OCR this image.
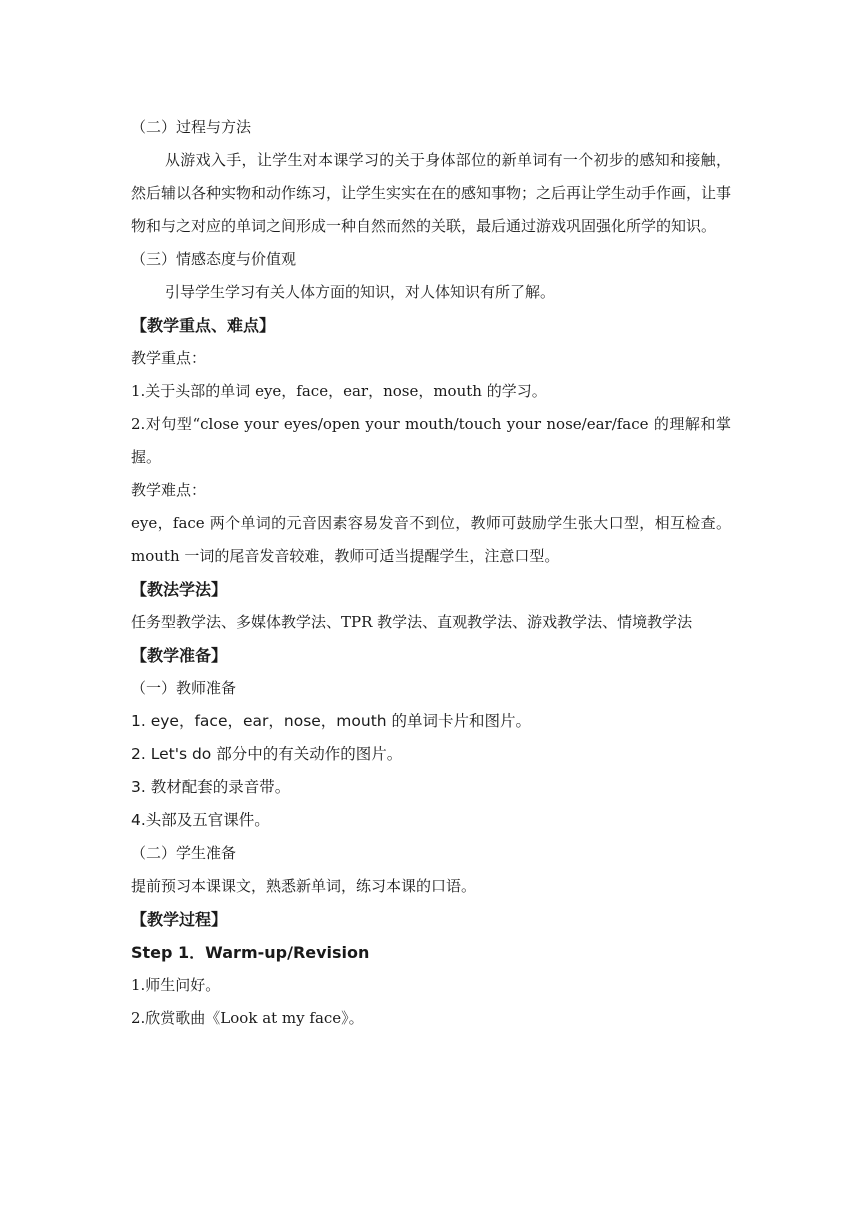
（二）过程与方法

从游戏入手，让学生对本课学习的关于身体部位的新单词有一个初步的感知和接触，然后辅以各种实物和动作练习，让学生实实在在的感知事物；之后再让学生动手作画，让事物和与之对应的单词之间形成一种自然而然的关联，最后通过游戏巩固强化所学的知识。

（三）情感态度与价值观

引导学生学习有关人体方面的知识，对人体知识有所了解。

【教学重点、难点】

教学重点：

1.关于头部的单词 eye，face，ear，nose，mouth 的学习。

2.对句型“close your eyes/open your mouth/touch your nose/ear/face 的理解和掌握。

教学难点：

eye，face 两个单词的元音因素容易发音不到位，教师可鼓励学生张大口型，相互检查。mouth 一词的尾音发音较难，教师可适当提醒学生，注意口型。

【教法学法】

任务型教学法、多媒体教学法、TPR 教学法、直观教学法、游戏教学法、情境教学法

【教学准备】

（一）教师准备

1. eye，face，ear，nose，mouth 的单词卡片和图片。

2. Let's do 部分中的有关动作的图片。

3. 教材配套的录音带。

4.头部及五官课件。

（二）学生准备

提前预习本课课文，熟悉新单词，练习本课的口语。

【教学过程】

Step 1．Warm-up/Revision

1.师生问好。

2.欣赏歌曲《Look at my face》。
